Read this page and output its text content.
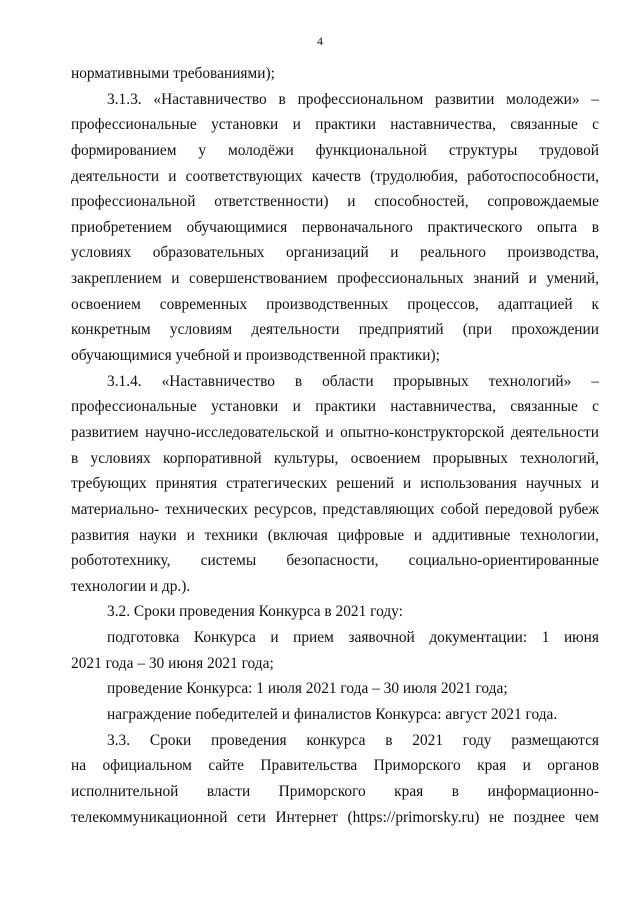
4
нормативными требованиями);
3.1.3. «Наставничество в профессиональном развитии молодежи» –
профессиональные установки и практики наставничества, связанные с
формированием у молодёжи функциональной структуры трудовой
деятельности и соответствующих качеств (трудолюбия, работоспособности,
профессиональной ответственности) и способностей, сопровождаемые
приобретением обучающимися первоначального практического опыта в
условиях образовательных организаций и реального производства,
закреплением и совершенствованием профессиональных знаний и умений,
освоением современных производственных процессов, адаптацией к
конкретным условиям деятельности предприятий (при прохождении
обучающимися учебной и производственной практики);
3.1.4. «Наставничество в области прорывных технологий» –
профессиональные установки и практики наставничества, связанные с
развитием научно-исследовательской и опытно-конструкторской деятельности
в условиях корпоративной культуры, освоением прорывных технологий,
требующих принятия стратегических решений и использования научных и
материально- технических ресурсов, представляющих собой передовой рубеж
развития науки и техники (включая цифровые и аддитивные технологии,
робототехнику, системы безопасности, социально-ориентированные
технологии и др.).
3.2. Сроки проведения Конкурса в 2021 году:
подготовка Конкурса и прием заявочной документации: 1 июня
2021 года – 30 июня 2021 года;
проведение Конкурса: 1 июля 2021 года – 30 июля 2021 года;
награждение победителей и финалистов Конкурса: август 2021 года.
3.3. Сроки проведения конкурса в 2021 году размещаются
на официальном сайте Правительства Приморского края и органов
исполнительной власти Приморского края в информационно-
телекоммуникационной сети Интернет (https://primorsky.ru) не позднее чем
